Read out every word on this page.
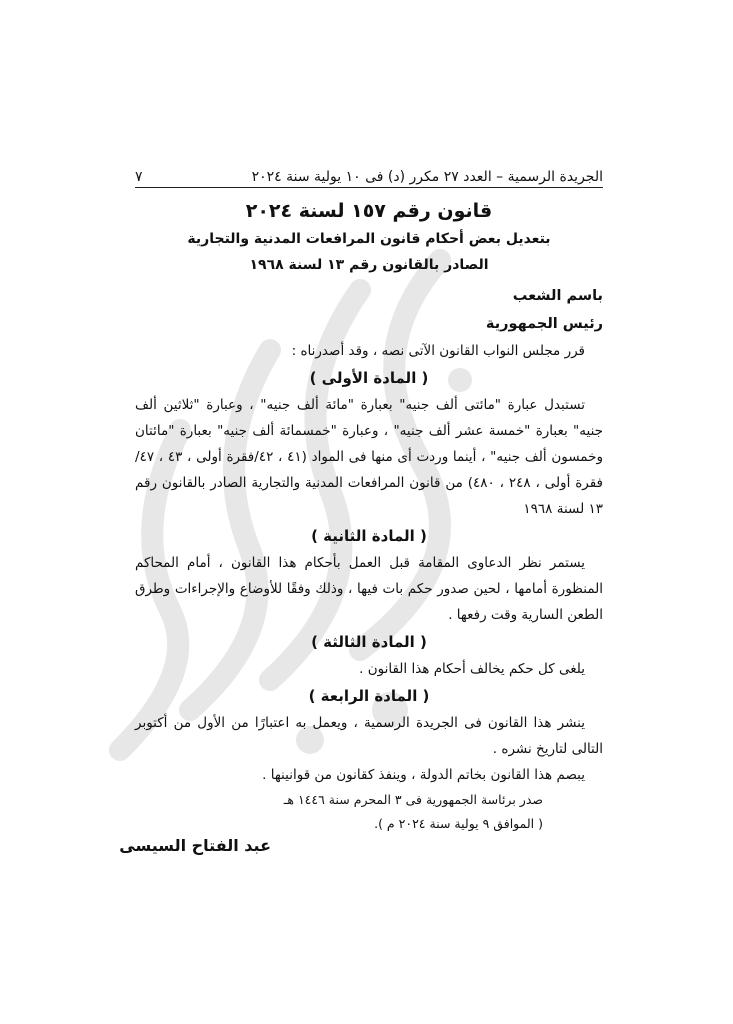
الجريدة الرسمية – العدد ٢٧ مكرر (د) فى ١٠ يولية سنة ٢٠٢٤
٧

قانون رقم ١٥٧ لسنة ٢٠٢٤

بتعديل بعض أحكام قانون المرافعات المدنية والتجارية

الصادر بالقانون رقم ١٣ لسنة ١٩٦٨

باسم الشعب

رئيس الجمهورية

قرر مجلس النواب القانون الآتى نصه ، وقد أصدرناه :

( المادة الأولى )

تستبدل عبارة "مائتى ألف جنيه" بعبارة "مائة ألف جنيه" ، وعبارة "ثلاثين ألف جنيه" بعبارة "خمسة عشر ألف جنيه" ، وعبارة "خمسمائة ألف جنيه" بعبارة "مائتان وخمسون ألف جنيه" ، أينما وردت أى منها فى المواد (٤١ ، ٤٢/فقرة أولى ، ٤٣ ، ٤٧/ فقرة أولى ، ٢٤٨ ، ٤٨٠) من قانون المرافعات المدنية والتجارية الصادر بالقانون رقم ١٣ لسنة ١٩٦٨

( المادة الثانية )

يستمر نظر الدعاوى المقامة قبل العمل بأحكام هذا القانون ، أمام المحاكم المنظورة أمامها ، لحين صدور حكم بات فيها ، وذلك وفقًا للأوضاع والإجراءات وطرق الطعن السارية وقت رفعها .

( المادة الثالثة )

يلغى كل حكم يخالف أحكام هذا القانون .

( المادة الرابعة )

ينشر هذا القانون فى الجريدة الرسمية ، ويعمل به اعتبارًا من الأول من أكتوبر التالى لتاريخ نشره .

يبصم هذا القانون بخاتم الدولة ، وينفذ كقانون من قوانينها .

صدر برئاسة الجمهورية فى ٣ المحرم سنة ١٤٤٦ هـ

( الموافق ٩ يولية سنة ٢٠٢٤ م ).

عبد الفتاح السيسى
